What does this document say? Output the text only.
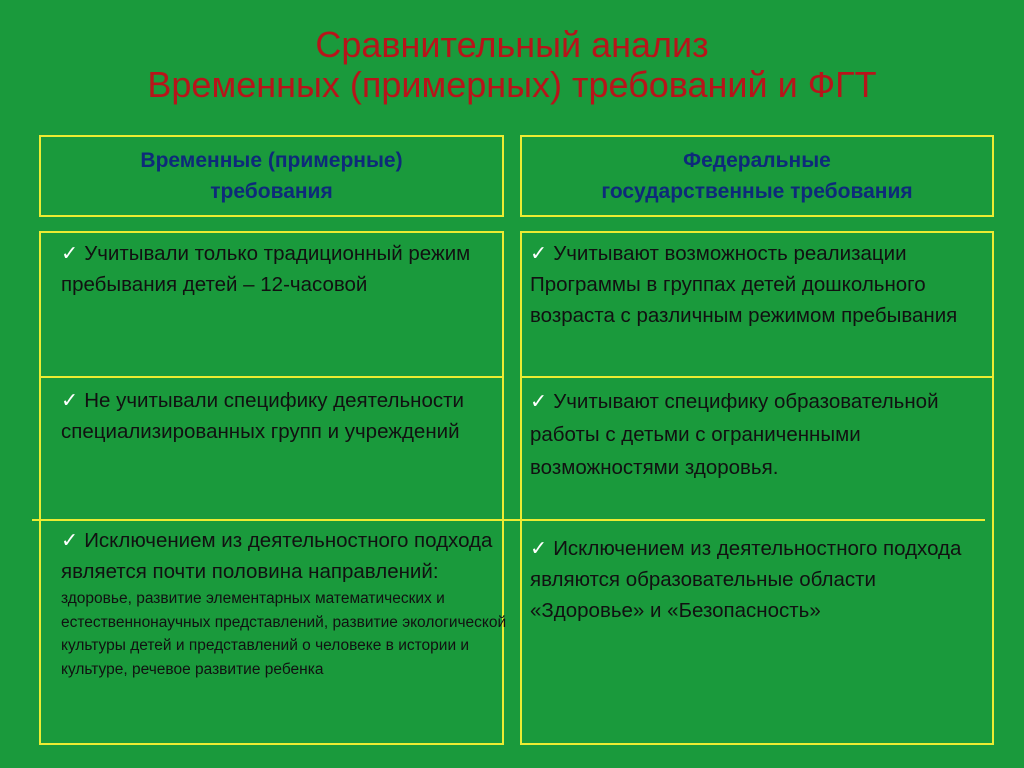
Сравнительный анализ
Временных (примерных) требований и ФГТ
Временные (примерные)
требования
Федеральные
государственные требования
✓ Учитывали только традиционный режим пребывания детей – 12-часовой
✓ Учитывают возможность реализации Программы в группах детей дошкольного возраста с различным режимом пребывания
✓ Не учитывали специфику деятельности специализированных групп и учреждений
✓ Учитывают специфику образовательной работы с детьми с ограниченными возможностями здоровья.
✓ Исключением из деятельностного подхода является почти половина направлений:
здоровье, развитие элементарных математических и естественнонаучных представлений, развитие экологической культуры детей и представлений о человеке в истории и культуре, речевое развитие ребенка
✓ Исключением из деятельностного подхода являются образовательные области «Здоровье» и «Безопасность»
